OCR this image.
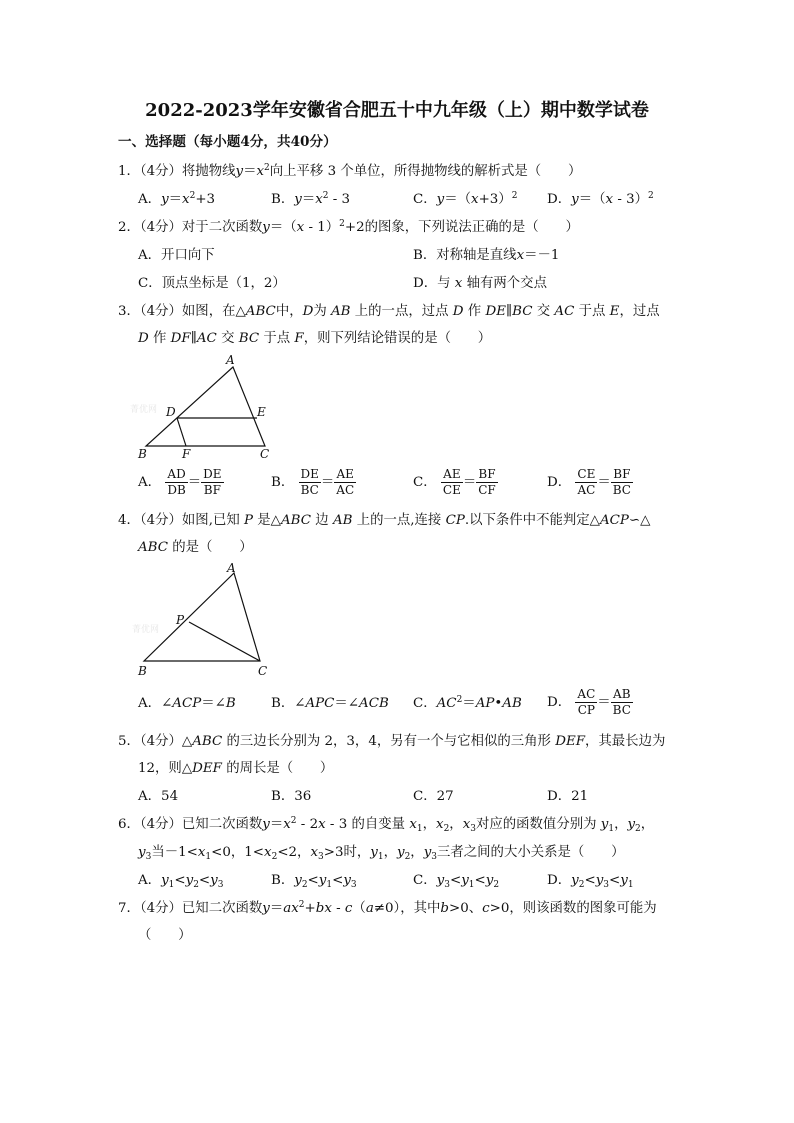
2022-2023学年安徽省合肥五十中九年级（上）期中数学试卷
一、选择题（每小题4分，共40分）
1．（4分）将抛物线$y=x^2$向上平移 3 个单位，所得抛物线的解析式是（　　）
A．$y=x^2+3$	B．$y=x^2 - 3$	C．$y=(x+3)^2$ D．y＝（x - 3）$^2$
2．（4分）对于二次函数y＝（x - 1）$^2$+2的图象，下列说法正确的是（　　）
A．开口向下	B．对称轴是直线x＝－1
C．顶点坐标是（1，2）	D．与 x 轴有两个交点
3．（4分）如图，在△ABC中，D为 AB 上的一点，过点 D 作 DE∥BC 交 AC 于点 E，过点
D 作 DF∥AC 交 BC 于点 F，则下列结论错误的是（　　）
菁优网
A
D	E
B	F	C
A． $\frac{AD}{DB} = \frac{DE}{BF}$	B． $\frac{DE}{BC} = \frac{AE}{AC}$	C． $\frac{AE}{CE} = \frac{BF}{CF}$	D． $\frac{CE}{AC} = \frac{BF}{BC}$
4．（4分）如图,已知 P 是△ABC 边 AB 上的一点,连接 CP.以下条件中不能判定△ACP∽△
ABC 的是（　　）
菁优网
A
P
B	C
A．∠ACP＝∠B	B．∠APC＝∠ACB C．$AC^2=AP•AB$ D． $\frac{AC}{CP} = \frac{AB}{BC}$
5．（4分）△ABC 的三边长分别为 2，3，4，另有一个与它相似的三角形 DEF，其最长边为
12，则△DEF 的周长是（　　）
A．54	B．36	C．27	D．21
6．（4分）已知二次函数$y=x^2 - 2x - 3$ 的自变量 $x_1$，$x_2$，$x_3$对应的函数值分别为 $y_1$，$y_2$，
$y_3$当$-1<x_1<0$，$1<x_2<2$，$x_3>3$时，$y_1$，$y_2$，$y_3$三者之间的大小关系是（　　）
A．$y_1<y_2<y_3$	B．$y_2<y_1<y_3$	C．$y_3<y_1<y_2$	D．$y_2<y_3<y_1$
7．（4分）已知二次函数$y=ax^2+bx - c(a\ne 0)$，其中b>0、c>0，则该函数的图象可能为
（　　）
